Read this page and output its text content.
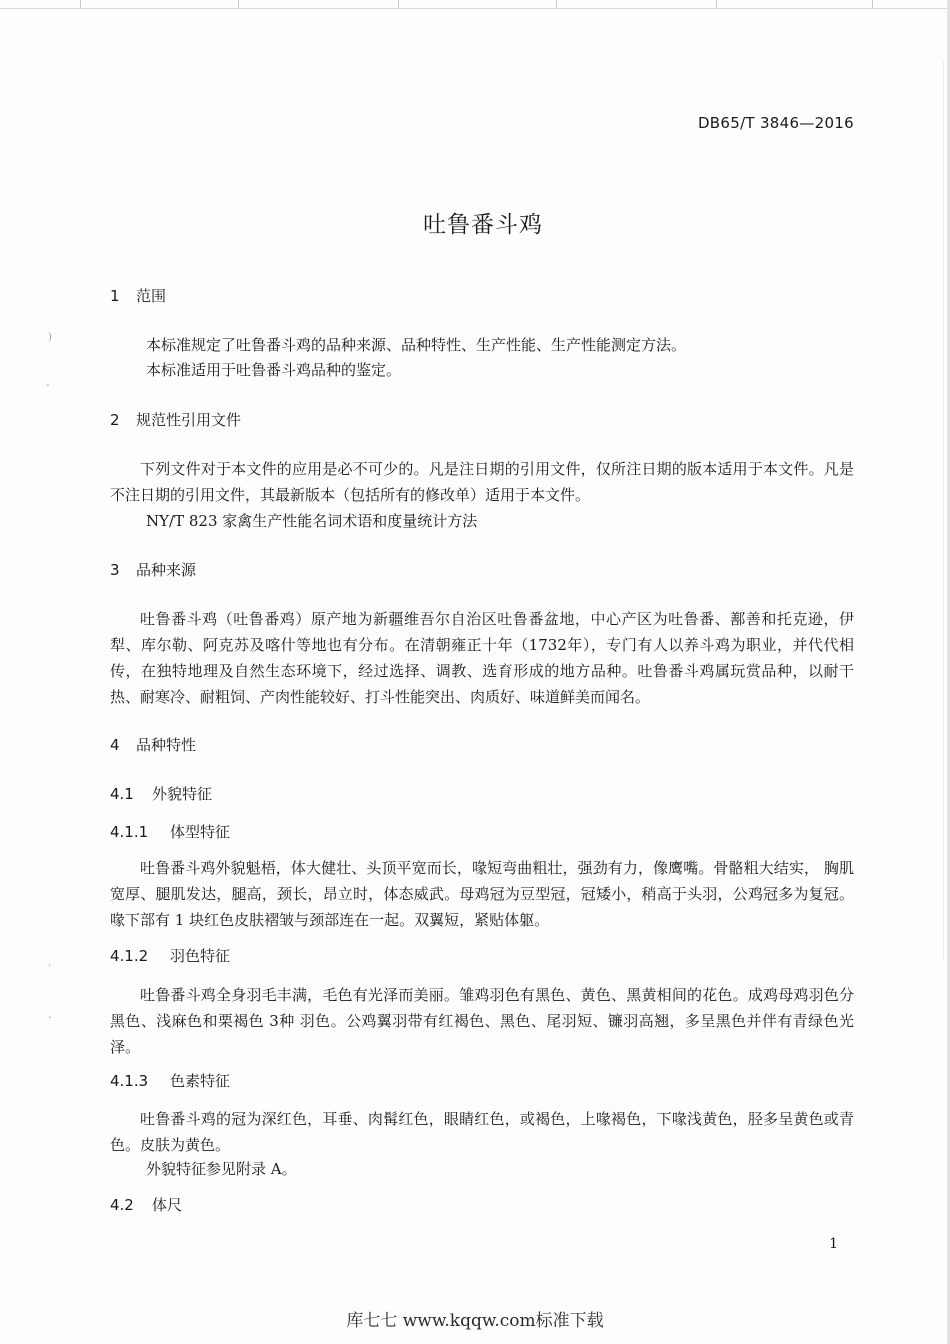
)
-
.
-
DB65/T 3846—2016
吐鲁番斗鸡
1 范围
本标准规定了吐鲁番斗鸡的品种来源、品种特性、生产性能、生产性能测定方法。
本标准适用于吐鲁番斗鸡品种的鉴定。
2 规范性引用文件
下列文件对于本文件的应用是必不可少的。凡是注日期的引用文件，仅所注日期的版本适用于本文件。凡是不注日期的引用文件，其最新版本（包括所有的修改单）适用于本文件。
NY/T 823 家禽生产性能名词术语和度量统计方法
3 品种来源
吐鲁番斗鸡（吐鲁番鸡）原产地为新疆维吾尔自治区吐鲁番盆地，中心产区为吐鲁番、鄯善和托克逊，伊犁、库尔勒、阿克苏及喀什等地也有分布。在清朝雍正十年（1732年），专门有人以养斗鸡为职业，并代代相传，在独特地理及自然生态环境下，经过选择、调教、选育形成的地方品种。吐鲁番斗鸡属玩赏品种，以耐干热、耐寒冷、耐粗饲、产肉性能较好、打斗性能突出、肉质好、味道鲜美而闻名。
4 品种特性
4.1 外貌特征
4.1.1 体型特征
吐鲁番斗鸡外貌魁梧，体大健壮、头顶平宽而长，喙短弯曲粗壮，强劲有力，像鹰嘴。骨骼粗大结实， 胸肌宽厚、腿肌发达，腿高，颈长，昂立时，体态威武。母鸡冠为豆型冠，冠矮小，稍高于头羽，公鸡冠多为复冠。喙下部有 1 块红色皮肤褶皱与颈部连在一起。双翼短，紧贴体躯。
4.1.2 羽色特征
吐鲁番斗鸡全身羽毛丰满，毛色有光泽而美丽。雏鸡羽色有黑色、黄色、黑黄相间的花色。成鸡母鸡羽色分黑色、浅麻色和栗褐色 3种 羽色。公鸡翼羽带有红褐色、黑色、尾羽短、镰羽高翘，多呈黑色并伴有青绿色光泽。
4.1.3 色素特征
吐鲁番斗鸡的冠为深红色，耳垂、肉髯红色，眼睛红色，或褐色，上喙褐色，下喙浅黄色，胫多呈黄色或青色。皮肤为黄色。
外貌特征参见附录 A。
4.2 体尺
1
库七七 www.kqqw.com标准下载
